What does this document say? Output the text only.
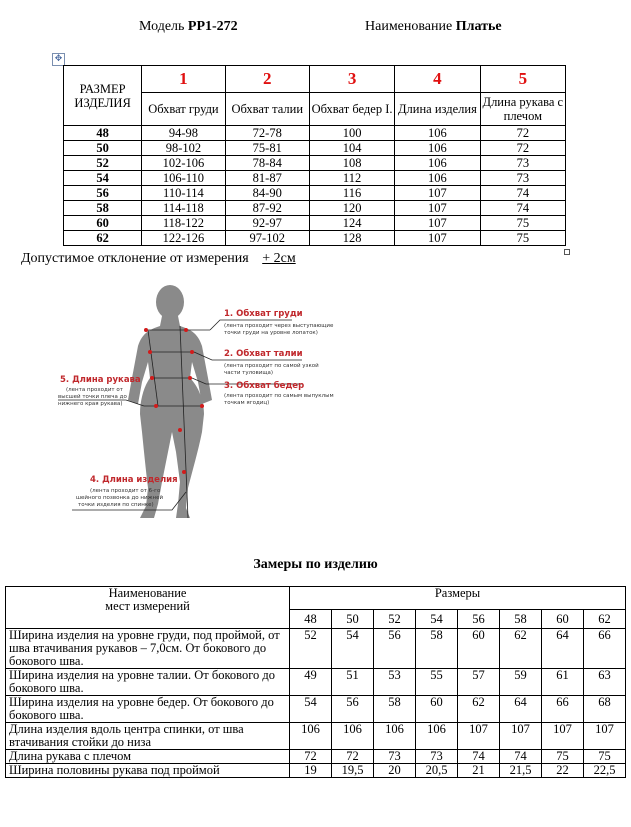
Модель PP1-272	Наименование Платье
✥
РАЗМЕР ИЗДЕЛИЯ	1	2	3	4	5
	Обхват груди	Обхват талии	Обхват бедер I.	Длина изделия	Длина рукава с плечом
48	94-98	72-78	100	106	72
50	98-102	75-81	104	106	72
52	102-106	78-84	108	106	73
54	106-110	81-87	112	106	73
56	110-114	84-90	116	107	74
58	114-118	87-92	120	107	74
60	118-122	92-97	124	107	75
62	122-126	97-102	128	107	75
Допустимое отклонение от измерения + 2см
1. Обхват груди
(лента проходит через выступающие
точки груди на уровне лопаток)
2. Обхват талии
(лента проходит по самой узкой
части туловища)
3. Обхват бедер
(лента проходит по самым выпуклым
точкам ягодиц)
4. Длина изделия
(лента проходит от 6-го
шейного позвонка до нижней
точки изделия по спинке)
5. Длина рукава
(лента проходит от
высшей точки плеча до
нижнего края рукава)
Замеры по изделию
Наименование
мест измерений	Размеры							
	48	50	52	54	56	58	60	62
Ширина изделия на уровне груди, под проймой, от шва втачивания рукавов – 7,0см. От бокового до бокового шва.	52	54	56	58	60	62	64	66
Ширина изделия на уровне талии. От бокового до бокового шва.	49	51	53	55	57	59	61	63
Ширина изделия на уровне бедер. От бокового до бокового шва.	54	56	58	60	62	64	66	68
Длина изделия вдоль центра спинки, от шва втачивания стойки до низа	106	106	106	106	107	107	107	107
Длина рукава с плечом	72	72	73	73	74	74	75	75
Ширина половины рукава под проймой	19	19,5	20	20,5	21	21,5	22	22,5
